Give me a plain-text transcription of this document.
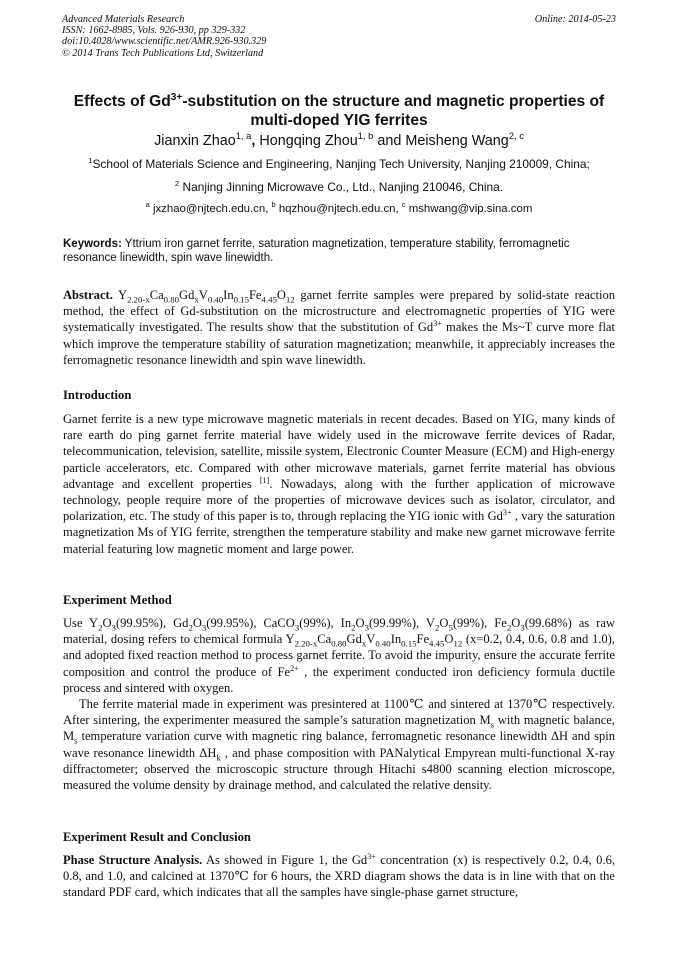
Advanced Materials Research
ISSN: 1662-8985, Vols. 926-930, pp 329-332
doi:10.4028/www.scientific.net/AMR.926-930.329
© 2014 Trans Tech Publications Ltd, Switzerland
Online: 2014-05-23
Effects of $Gd^{3+}$-substitution on the structure and magnetic properties of
multi-doped YIG ferrites
Jianxin Zhao$^{1, a}$, Hongqing Zhou$^{1, b}$ and Meisheng Wang$^{2, c}$
$^1$School of Materials Science and Engineering, Nanjing Tech University, Nanjing 210009, China;
$^2$ Nanjing Jinning Microwave Co., Ltd., Nanjing 210046, China.
$^a$ jxzhao@njtech.edu.cn, $^b$ hqzhou@njtech.edu.cn, $^c$ mshwang@vip.sina.com
Keywords: Yttrium iron garnet ferrite, saturation magnetization, temperature stability, ferromagnetic resonance linewidth, spin wave linewidth.
Abstract. $Y_{2.20-x}Ca_{0.80}Gd_xV_{0.40}In_{0.15}Fe_{4.45}O_{12}$ garnet ferrite samples were prepared by solid-state reaction method, the effect of Gd-substitution on the microstructure and electromagnetic properties of YIG were systematically investigated. The results show that the substitution of $Gd^{3+}$ makes the Ms~T curve more flat which improve the temperature stability of saturation magnetization; meanwhile, it appreciably increases the ferromagnetic resonance linewidth and spin wave linewidth.
Introduction
Garnet ferrite is a new type microwave magnetic materials in recent decades. Based on YIG, many kinds of rare earth do ping garnet ferrite material have widely used in the microwave ferrite devices of Radar, telecommunication, television, satellite, missile system, Electronic Counter Measure (ECM) and High-energy particle accelerators, etc. Compared with other microwave materials, garnet ferrite material has obvious advantage and excellent properties [1]. Nowadays, along with the further application of microwave technology, people require more of the properties of microwave devices such as isolator, circulator, and polarization, etc. The study of this paper is to, through replacing the YIG ionic with $Gd^{3+}$ , vary the saturation magnetization Ms of YIG ferrite, strengthen the temperature stability and make new garnet microwave ferrite material featuring low magnetic moment and large power.
Experiment Method

Use $Y_2O_3(99.95\%)$, $Gd_2O_3(99.95\%)$, CaCO$_3$(99%), $In_2O_3(99.99\%)$, $V_2O_5(99\%)$, $Fe_2O_3(99.68\%)$ as raw material, dosing refers to chemical formula $Y_{2.20-x}Ca_{0.80}Gd_xV_{0.40}In_{0.15}Fe_{4.45}O_{12}$ (x=0.2, 0.4, 0.6, 0.8 and 1.0), and adopted fixed reaction method to process garnet ferrite. To avoid the impurity, ensure the accurate ferrite composition and control the produce of $Fe^{2+}$ , the experiment conducted iron deficiency formula ductile process and sintered with oxygen.

The ferrite material made in experiment was presintered at 1100℃ and sintered at 1370℃ respectively. After sintering, the experimenter measured the sample’s saturation magnetization $M_s$ with magnetic balance, $M_s$ temperature variation curve with magnetic ring balance, ferromagnetic resonance linewidth ΔH and spin wave resonance linewidth $\Delta H_k$ , and phase composition with PANalytical Empyrean multi-functional X-ray diffractometer; observed the microscopic structure through Hitachi s4800 scanning election microscope, measured the volume density by drainage method, and calculated the relative density.

Experiment Result and Conclusion
Phase Structure Analysis. As showed in Figure 1, the $Gd^{3+}$ concentration (x) is respectively 0.2, 0.4, 0.6, 0.8, and 1.0, and calcined at 1370℃ for 6 hours, the XRD diagram shows the data is in line with that on the standard PDF card, which indicates that all the samples have single-phase garnet structure,
